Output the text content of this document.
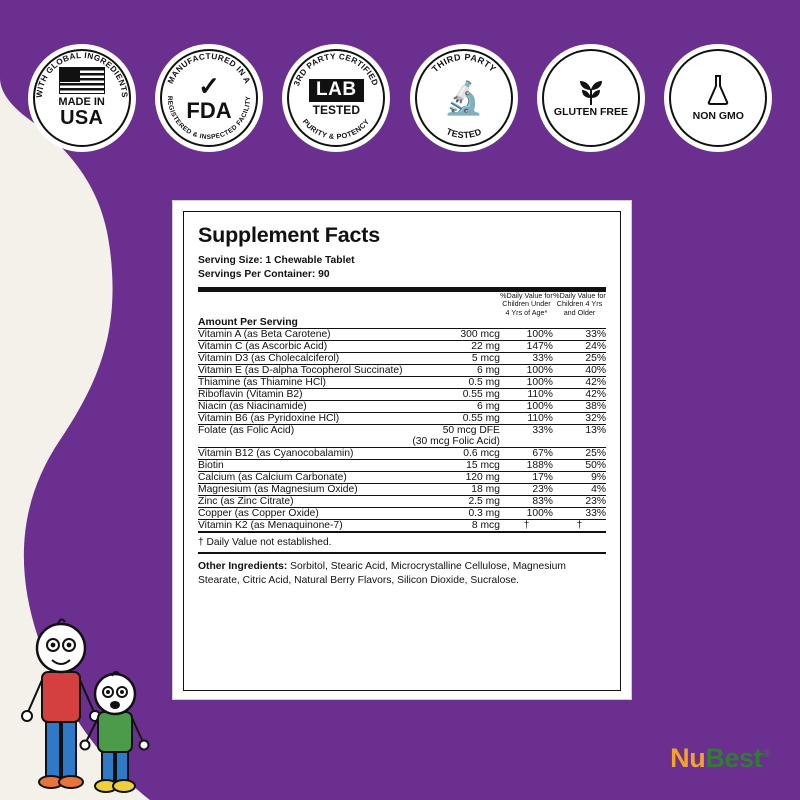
WITH GLOBAL INGREDIENTS
MADE IN
USA
MANUFACTURED IN A
REGISTERED & INSPECTED FACILITY
✓
FDA
3RD PARTY CERTIFIED
PURITY & POTENCY
LAB
TESTED
THIRD PARTY
TESTED
🔬	GLUTEN FREE	NON GMO
Supplement Facts
Serving Size: 1 Chewable Tablet
Servings Per Container: 90

%Daily Value for
Children Under
4 Yrs of Age*

%Daily Value for
Children 4 Yrs
and Older

Amount Per Serving			
Vitamin A (as Beta Carotene)	300 mcg	100%	33%
Vitamin C (as Ascorbic Acid)	22 mg	147%	24%
Vitamin D3 (as Cholecalciferol)	5 mcg	33%	25%
Vitamin E (as D-alpha Tocopherol Succinate)	6 mg	100%	40%
Thiamine (as Thiamine HCl)	0.5 mg	100%	42%
Riboflavin (Vitamin B2)	0.55 mg	110%	42%
Niacin (as Niacinamide)	6 mg	100%	38%
Vitamin B6 (as Pyridoxine HCl)	0.55 mg	110%	32%
Folate (as Folic Acid)	50 mcg DFE
(30 mcg Folic Acid)	33%	13%
Vitamin B12 (as Cyanocobalamin)	0.6 mcg	67%	25%
Biotin	15 mcg	188%	50%
Calcium (as Calcium Carbonate)	120 mg	17%	9%
Magnesium (as Magnesium Oxide)	18 mg	23%	4%
Zinc (as Zinc Citrate)	2.5 mg	83%	23%
Copper (as Copper Oxide)	0.3 mg	100%	33%
Vitamin K2 (as Menaquinone-7)	8 mcg	†	†
† Daily Value not established.
Other Ingredients: Sorbitol, Stearic Acid, Microcrystalline Cellulose, Magnesium Stearate, Citric Acid, Natural Berry Flavors, Silicon Dioxide, Sucralose.
NuBest®
